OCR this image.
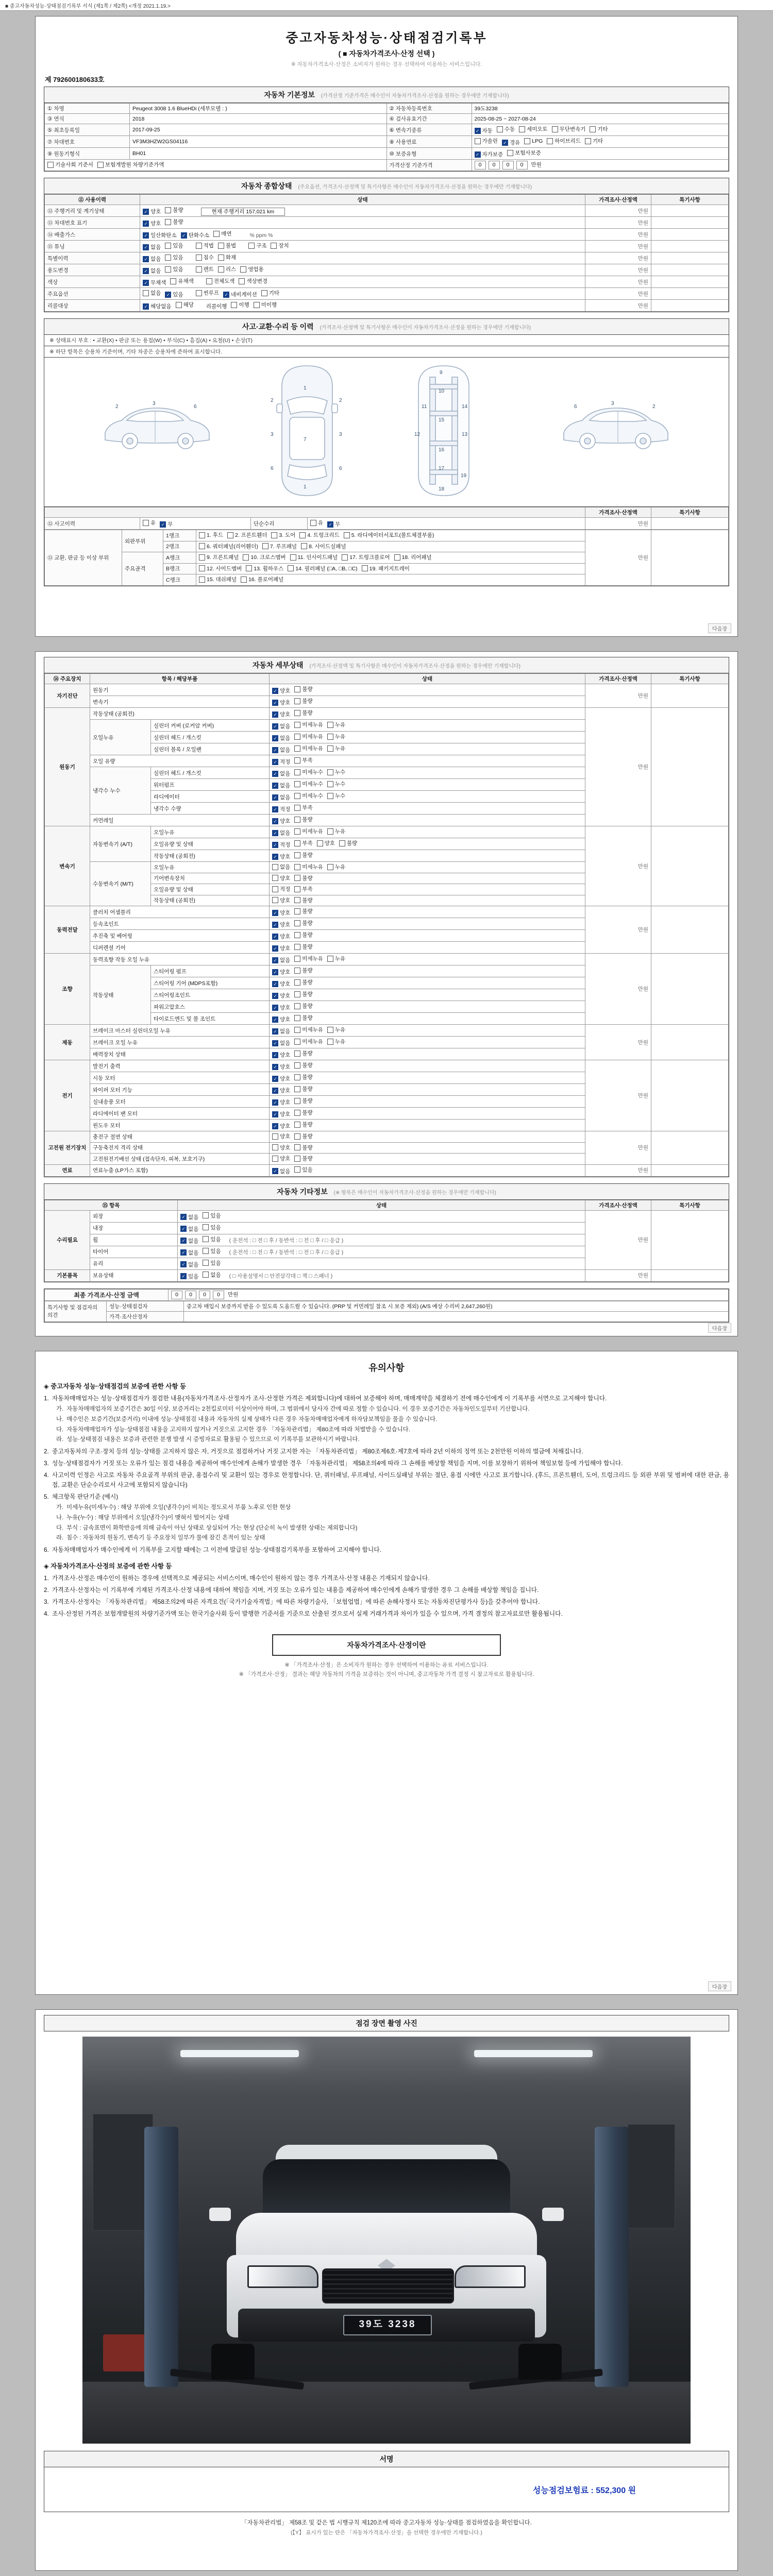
■ 중고자동차성능·상태점검기록부 서식 (제1쪽 / 제2쪽) <개정 2021.1.19.>
중고자동차성능·상태점검기록부
( ■ 자동차가격조사·산정 선택 )
※ 자동차가격조사·산정은 소비자가 원하는 경우 선택하여 이용하는 서비스입니다.
제 792600180633호
자동차 기본정보 (가격산정 기준가격은 매수인이 자동차가격조사·산정을 원하는 경우에만 기재합니다)
① 차명	Peugeot 3008 1.6 BlueHDi (세부모델 : )	② 자동차등록번호	39도3238
③ 연식	2018	④ 검사유효기간	2025-08-25 ~ 2027-08-24
⑤ 최초등록일	2017-09-25	⑥ 변속기종류	✓ 자동 수동 세미오토 무단변속기 기타

⑦ 차대번호	VF3M3HZW2GS04116	⑧ 사용연료	가솔린 ✓ 경유 LPG 하이브리드 기타

⑨ 원동기형식	BH01	⑩ 보증유형	✓ 자가보증 보험사보증

기술사회 기준서 보험개발원 차량기준가액		가격산정 기준가격	0 0 0 0 만원
자동차 종합상태 (주요옵션, 가격조사·산정액 및 특기사항은 매수인이 자동차가격조사·산정을 원하는 경우에만 기재합니다)
⑪ 사용이력	상태	가격조사·산정액	특기사항
⑫ 주행거리 및 계기상태	✓ 양호 불량 현재 주행거리 157,021 km	만원	
⑬ 차대번호 표기	✓ 양호 불량	만원	
⑭ 배출가스	✓ 일산화탄소 ✓ 탄화수소 매연	% ppm %	만원	
⑮ 튜닝	✓ 없음 있음	적법 불법	구조 장치	만원	
특별이력	✓ 없음 있음 침수 화재	만원	
용도변경	✓ 없음 있음	렌트 리스 영업용	만원	
색상	✓ 무채색 유채색 전체도색 색상변경	만원	
주요옵션	없음 ✓ 있음	썬루프 ✓ 네비게이션 기타	만원	
리콜대상	✓ 해당없음 해당 리콜이행 이행 미이행	만원	
사고·교환·수리 등 이력 (가격조사·산정액 및 특기사항은 매수인이 자동차가격조사·산정을 원하는 경우에만 기재합니다)
※ 상태표시 부호 : • 교환(X) • 판금 또는 용접(W) • 부식(C) • 흠집(A) • 요철(U) • 손상(T)
※ 하단 항목은 승용차 기준이며, 기타 차종은 승용차에 준하여 표시합니다.
2
3
6
1
7
1
2
3
6
2
3
6
9
10
11
12	13
14
15
16
17
18
19
3
6	2
				가격조사·산정액	특기사항
⑫ 사고이력	유 ✓ 무	단순수리	유 ✓ 무	만원	
⑬ 교환, 판금 등 이상 부위	외판부위	1랭크	1. 후드 2. 프론트휀더 3. 도어 4. 트렁크리드 5. 라디에이터서포트(볼트체결부품)	만원	
		2랭크	6. 쿼터패널(리어휀더) 7. 루프패널 8. 사이드실패널		

	주요골격	A랭크	9. 프론트패널 10. 크로스멤버 11. 인사이드패널 17. 트렁크플로어 18. 리어패널		

		B랭크	12. 사이드멤버 13. 휠하우스 14. 필러패널 (□A, □B, □C) 19. 패키지트레이		

		C랭크	15. 대쉬패널 16. 플로어패널		
다음장
자동차 세부상태 (가격조사·산정액 및 특기사항은 매수인이 자동차가격조사·산정을 원하는 경우에만 기재합니다)
⑭ 주요장치	항목 / 해당부품		상태	가격조사·산정액	특기사항
자기진단	원동기		✓ 양호 불량	만원	
	변속기		✓ 양호 불량		

원동기	작동상태 (공회전)		✓ 양호 불량	만원	
	오일누유	실린더 커버 (로커암 커버)	✓ 없음 미세누유 누유		

		실린더 헤드 / 개스킷	✓ 없음 미세누유 누유		

		실린더 블록 / 오일팬	✓ 없음 미세누유 누유		

	오일 유량		✓ 적정 부족		

	냉각수 누수	실린더 헤드 / 개스킷	✓ 없음 미세누수 누수		

		워터펌프	✓ 없음 미세누수 누수		

		라디에이터	✓ 없음 미세누수 누수		

		냉각수 수량	✓ 적정 부족		

	커먼레일		✓ 양호 불량		

변속기	자동변속기 (A/T)	오일누유	✓ 없음 미세누유 누유	만원	
		오일유량 및 상태	✓ 적정 부족 양호 불량		

		작동상태 (공회전)	✓ 양호 불량		

	수동변속기 (M/T)	오일누유	없음 미세누유 누유		

		기어변속장치	양호 불량		

		오일유량 및 상태	적정 부족		

		작동상태 (공회전)	양호 불량		

동력전달	클러치 어셈블리		✓ 양호 불량	만원	
	등속조인트		✓ 양호 불량		

	추진축 및 베어링		✓ 양호 불량		

	디퍼렌셜 기어		✓ 양호 불량		

조향	동력조향 작동 오일 누유		✓ 없음 미세누유 누유	만원	
	작동상태	스티어링 펌프	✓ 양호 불량		

		스티어링 기어 (MDPS포함)	✓ 양호 불량		

		스티어링조인트	✓ 양호 불량		

		파워고압호스	✓ 양호 불량		

		타이로드엔드 및 볼 조인트	✓ 양호 불량		

제동	브레이크 마스터 실린더오일 누유		✓ 없음 미세누유 누유	만원	
	브레이크 오일 누유		✓ 없음 미세누유 누유		

	배력장치 상태		✓ 양호 불량		

전기	발전기 출력		✓ 양호 불량	만원	
	시동 모터		✓ 양호 불량		

	와이퍼 모터 기능		✓ 양호 불량		

	실내송풍 모터		✓ 양호 불량		

	라디에이터 팬 모터		✓ 양호 불량		

	윈도우 모터		✓ 양호 불량		

고전원 전기장치	충전구 절연 상태		양호 불량	만원	
	구동축전지 격리 상태		양호 불량		

	고전원전기배선 상태 (접속단자, 피복, 보호기구)		양호 불량		

연료	연료누출 (LP가스 포함)		✓ 없음 있음	만원	
자동차 기타정보 (※ 항목은 매수인이 자동차가격조사·산정을 원하는 경우에만 기재합니다)
⑮ 항목		상태	가격조사·산정액	특기사항
수리필요	외장	✓ 없음 있음	만원	
	내장	✓ 없음 있음		

	휠	✓ 없음 있음 ( 운전석 : □ 전 □ 후 / 동반석 : □ 전 □ 후 / □ 응급 )		
	타이어	✓ 없음 있음 ( 운전석 : □ 전 □ 후 / 동반석 : □ 전 □ 후 / □ 응급 )		
	유리	✓ 없음 있음		

기본품목	보유상태	✓ 있음 없음 ( □ 사용설명서 □ 안전삼각대 □ 잭 □ 스패너 )	만원	
최종 가격조사·산정 금액	0 0 0 0 만원
특기사항 및 점검자의 의견	성능·상태점검자	중고차 매입시 보증까지 받을 수 있도록 도움드릴 수 있습니다. (PRP 및 커먼레일 참조 시 보증 제외) (A/S 예상 수리비 2,647,260원)
	가격·조사산정자	
다음장
유의사항
◈ 중고자동차 성능·상태점검의 보증에 관한 사항 등
1. 자동차매매업자는 성능·상태점검자가 점검한 내용(자동차가격조사·산정자가 조사·산정한 가격은 제외합니다)에 대하여 보증해야 하며, 매매계약을 체결하기 전에 매수인에게 이 기록부를 서면으로 고지해야 합니다.
가. 자동차매매업자의 보증기간은 30일 이상, 보증거리는 2천킬로미터 이상이어야 하며, 그 범위에서 당사자 간에 따로 정할 수 있습니다. 이 경우 보증기간은 자동차인도일부터 기산합니다.
나. 매수인은 보증기간(보증거리) 이내에 성능·상태점검 내용과 자동차의 실제 상태가 다른 경우 자동차매매업자에게 하자담보책임을 물을 수 있습니다.
다. 자동차매매업자가 성능·상태점검 내용을 고지하지 않거나 거짓으로 고지한 경우 「자동차관리법」 제80조에 따라 처벌받을 수 있습니다.
라. 성능·상태점검 내용은 보증과 관련한 분쟁 발생 시 증빙자료로 활용될 수 있으므로 이 기록부를 보관하시기 바랍니다.
2. 중고자동차의 구조·장치 등의 성능·상태를 고지하지 않은 자, 거짓으로 점검하거나 거짓 고지한 자는 「자동차관리법」 제80조제6호·제7호에 따라 2년 이하의 징역 또는 2천만원 이하의 벌금에 처해집니다.
3. 성능·상태점검자가 거짓 또는 오류가 있는 점검 내용을 제공하여 매수인에게 손해가 발생한 경우 「자동차관리법」 제58조의4에 따라 그 손해를 배상할 책임을 지며, 이를 보장하기 위하여 책임보험 등에 가입해야 합니다.
4. 사고이력 인정은 사고로 자동차 주요골격 부위의 판금, 용접수리 및 교환이 있는 경우로 한정합니다. 단, 쿼터패널, 루프패널, 사이드실패널 부위는 절단, 용접 시에만 사고로 표기합니다. (후드, 프론트휀더, 도어, 트렁크리드 등 외판 부위 및 범퍼에 대한 판금, 용접, 교환은 단순수리로서 사고에 포함되지 않습니다)
5. 체크항목 판단기준 (예시)
가. 미세누유(미세누수) : 해당 부위에 오일(냉각수)이 비치는 정도로서 부품 노후로 인한 현상
나. 누유(누수) : 해당 부위에서 오일(냉각수)이 맺혀서 떨어지는 상태
다. 부식 : 금속표면이 화학반응에 의해 금속이 아닌 상태로 상실되어 가는 현상 (단순히 녹이 발생한 상태는 제외합니다)
라. 침수 : 자동차의 원동기, 변속기 등 주요장치 일부가 물에 잠긴 흔적이 있는 상태
6. 자동차매매업자가 매수인에게 이 기록부를 고지할 때에는 그 이전에 발급된 성능·상태점검기록부를 포함하여 고지해야 합니다.
◈ 자동차가격조사·산정의 보증에 관한 사항 등
1. 가격조사·산정은 매수인이 원하는 경우에 선택적으로 제공되는 서비스이며, 매수인이 원하지 않는 경우 가격조사·산정 내용은 기재되지 않습니다.
2. 가격조사·산정자는 이 기록부에 기재된 가격조사·산정 내용에 대하여 책임을 지며, 거짓 또는 오류가 있는 내용을 제공하여 매수인에게 손해가 발생한 경우 그 손해를 배상할 책임을 집니다.
3. 가격조사·산정자는 「자동차관리법」 제58조의2에 따른 자격요건(「국가기술자격법」에 따른 차량기술사, 「보험업법」에 따른 손해사정사 또는 자동차진단평가사 등)을 갖추어야 합니다.
4. 조사·산정된 가격은 보험개발원의 차량기준가액 또는 한국기술사회 등이 발행한 기준서를 기준으로 산출된 것으로서 실제 거래가격과 차이가 있을 수 있으며, 가격 결정의 참고자료로만 활용됩니다.
자동차가격조사·산정이란
※ 「가격조사·산정」은 소비자가 원하는 경우 선택하여 이용하는 유료 서비스입니다.
※ 「가격조사·산정」 결과는 해당 자동차의 가격을 보증하는 것이 아니며, 중고자동차 가격 결정 시 참고자료로 활용됩니다.
다음장
점검 장면 촬영 사진
39도 3238
서명
성능점검보험료 : 552,300 원
「자동차관리법」 제58조 및 같은 법 시행규칙 제120조에 따라 중고자동차 성능·상태를 점검하였음을 확인합니다.
(【Y】 표시가 있는 란은 「자동차가격조사·산정」을 선택한 경우에만 기재합니다.)
